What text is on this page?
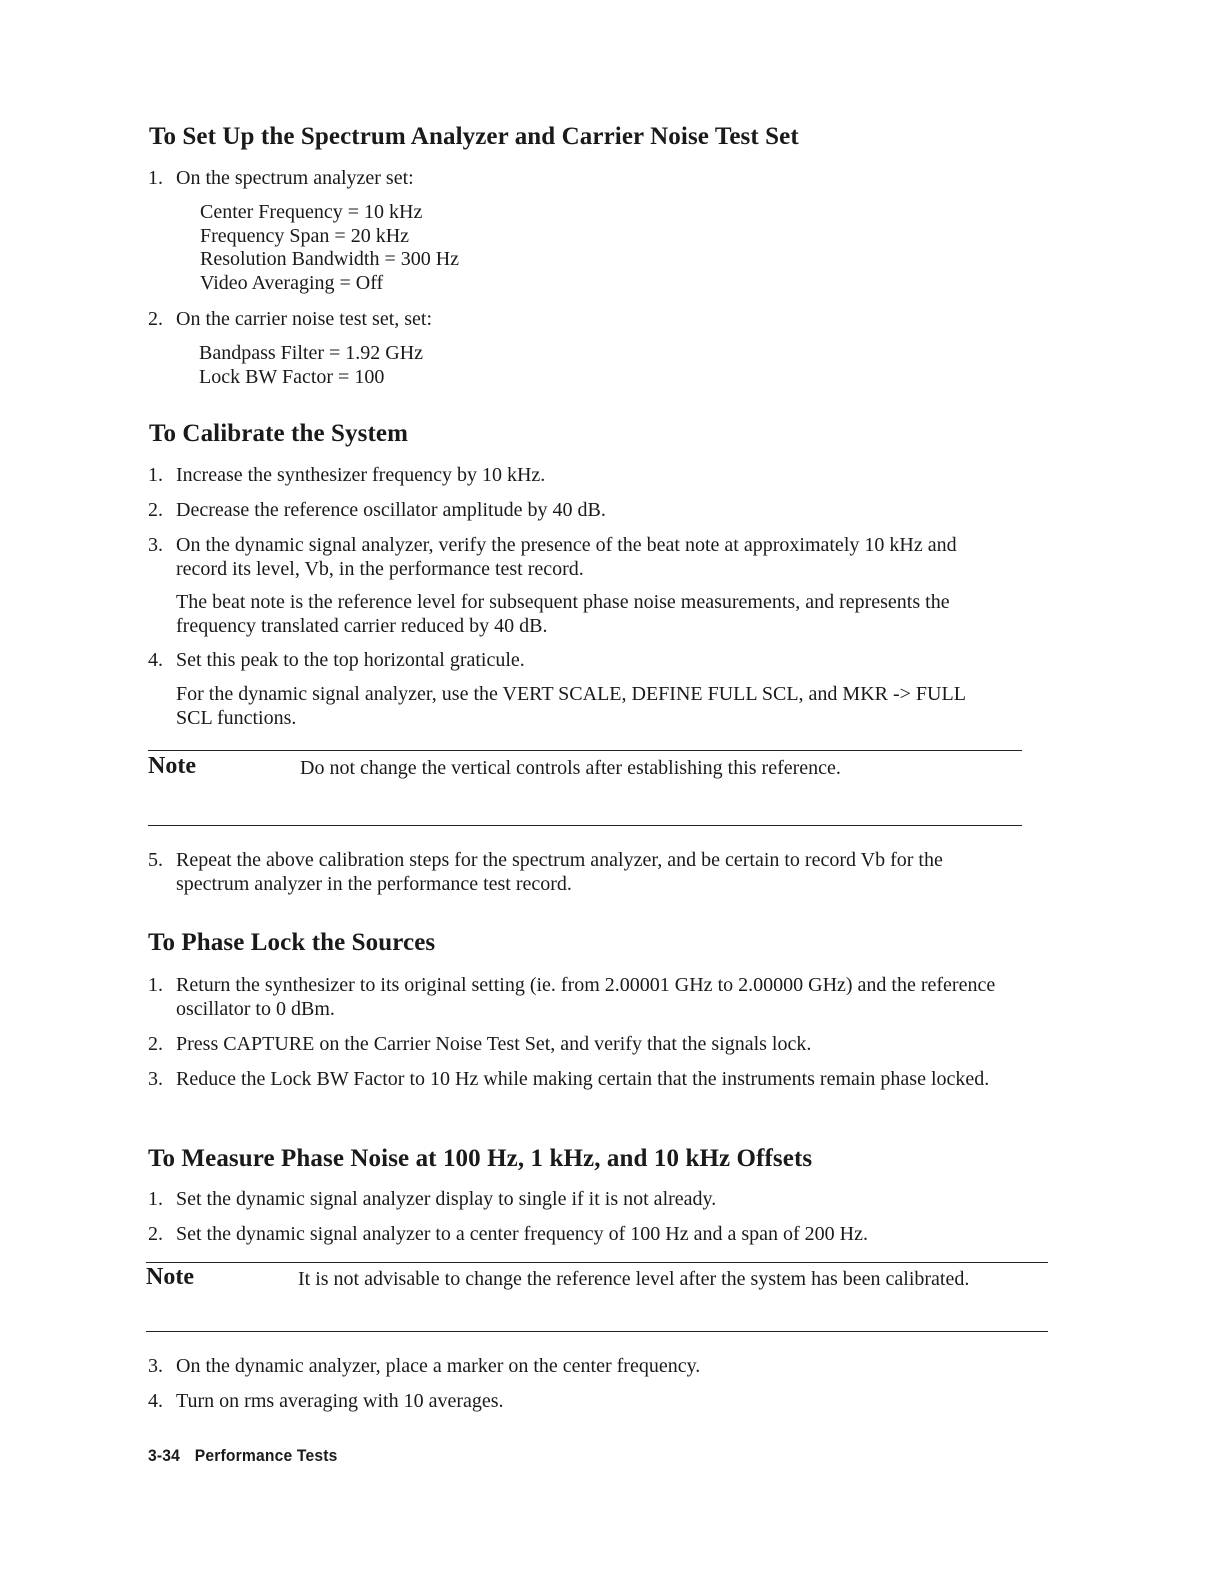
To Set Up the Spectrum Analyzer and Carrier Noise Test Set
1. On the spectrum analyzer set:
Center Frequency = 10 kHz
Frequency Span = 20 kHz
Resolution Bandwidth = 300 Hz
Video Averaging = Off
2. On the carrier noise test set, set:
Bandpass Filter = 1.92 GHz
Lock BW Factor = 100
To Calibrate the System
1. Increase the synthesizer frequency by 10 kHz.
2. Decrease the reference oscillator amplitude by 40 dB.
3. On the dynamic signal analyzer, verify the presence of the beat note at approximately 10 kHz and record its level, Vb, in the performance test record.
The beat note is the reference level for subsequent phase noise measurements, and represents the frequency translated carrier reduced by 40 dB.
4. Set this peak to the top horizontal graticule.
For the dynamic signal analyzer, use the VERT SCALE, DEFINE FULL SCL, and MKR -> FULL SCL functions.
Note	Do not change the vertical controls after establishing this reference.
5. Repeat the above calibration steps for the spectrum analyzer, and be certain to record Vb for the spectrum analyzer in the performance test record.
To Phase Lock the Sources
1. Return the synthesizer to its original setting (ie. from 2.00001 GHz to 2.00000 GHz) and the reference oscillator to 0 dBm.
2. Press CAPTURE on the Carrier Noise Test Set, and verify that the signals lock.
3. Reduce the Lock BW Factor to 10 Hz while making certain that the instruments remain phase locked.
To Measure Phase Noise at 100 Hz, 1 kHz, and 10 kHz Offsets
1. Set the dynamic signal analyzer display to single if it is not already.
2. Set the dynamic signal analyzer to a center frequency of 100 Hz and a span of 200 Hz.
Note	It is not advisable to change the reference level after the system has been calibrated.
3. On the dynamic analyzer, place a marker on the center frequency.
4. Turn on rms averaging with 10 averages.
3-34 Performance Tests
